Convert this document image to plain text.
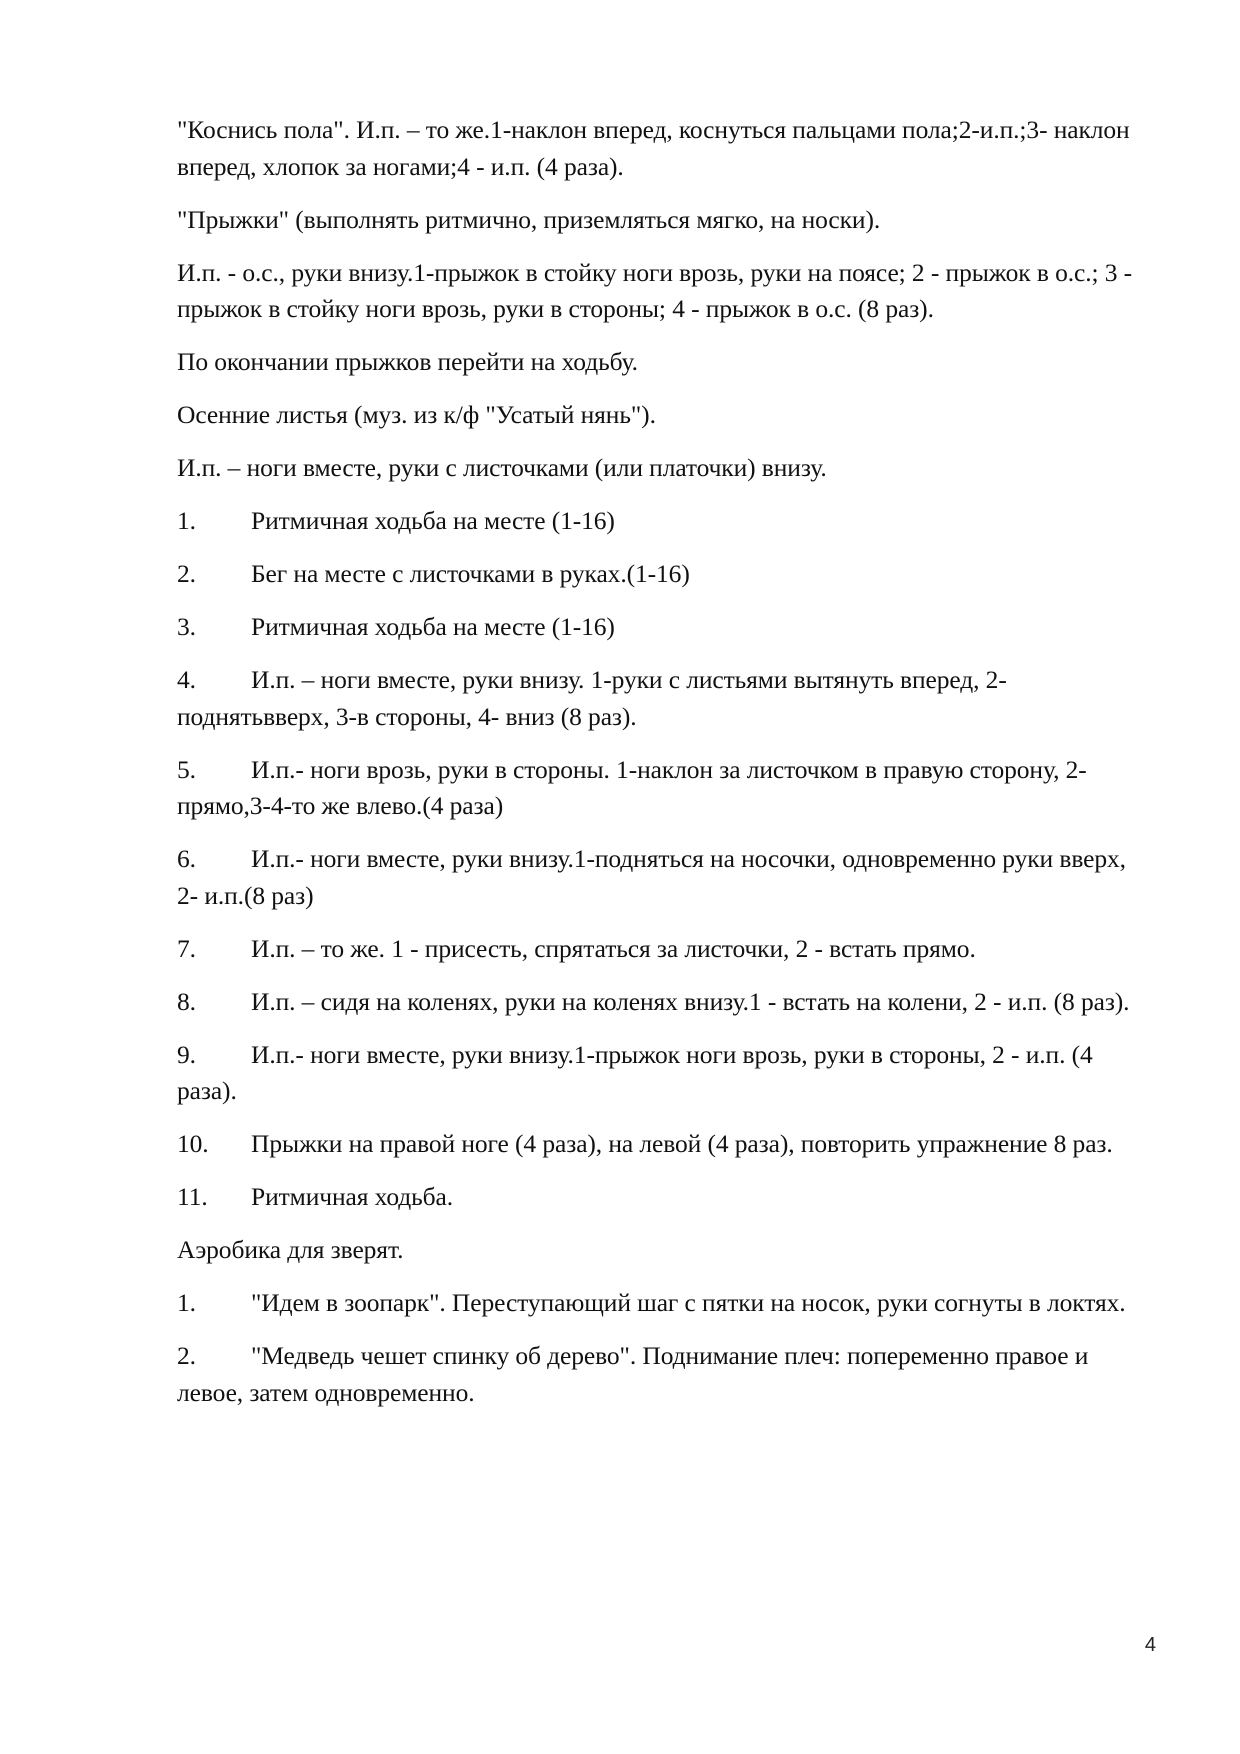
"Коснись пола". И.п. – то же.1-наклон вперед, коснуться пальцами пола;2-и.п.;3- наклон вперед, хлопок за ногами;4 - и.п. (4 раза).

"Прыжки" (выполнять ритмично, приземляться мягко, на носки).

И.п. - о.с., руки внизу.1-прыжок в стойку ноги врозь, руки на поясе; 2 - прыжок в о.с.; 3 - прыжок в стойку ноги врозь, руки в стороны; 4 - прыжок в о.с. (8 раз).

По окончании прыжков перейти на ходьбу.

Осенние листья (муз. из к/ф "Усатый нянь").

И.п. – ноги вместе, руки с листочками (или платочки) внизу.

1. Ритмичная ходьба на месте (1-16)

2. Бег на месте с листочками в руках.(1-16)

3. Ритмичная ходьба на месте (1-16)

4. И.п. – ноги вместе, руки внизу. 1-руки с листьями вытянуть вперед, 2-поднятьвверх, 3-в стороны, 4- вниз (8 раз).

5. И.п.- ноги врозь, руки в стороны. 1-наклон за листочком в правую сторону, 2-прямо,3-4-то же влево.(4 раза)

6. И.п.- ноги вместе, руки внизу.1-подняться на носочки, одновременно руки вверх, 2- и.п.(8 раз)

7. И.п. – то же. 1 - присесть, спрятаться за листочки, 2 - встать прямо.

8. И.п. – сидя на коленях, руки на коленях внизу.1 - встать на колени, 2 - и.п. (8 раз).

9. И.п.- ноги вместе, руки внизу.1-прыжок ноги врозь, руки в стороны, 2 - и.п. (4 раза).

10. Прыжки на правой ноге (4 раза), на левой (4 раза), повторить упражнение 8 раз.

11. Ритмичная ходьба.

Аэробика для зверят.

1. "Идем в зоопарк". Переступающий шаг с пятки на носок, руки согнуты в локтях.

2. "Медведь чешет спинку об дерево". Поднимание плеч: попеременно правое и левое, затем одновременно.

4
